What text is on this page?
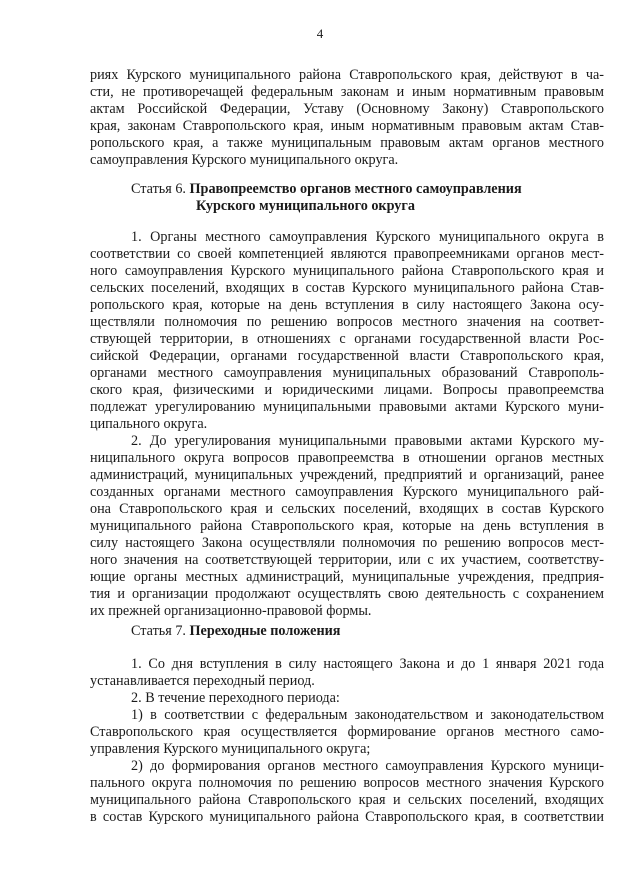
4
риях Курского муниципального района Ставропольского края, действуют в ча-
сти, не противоречащей федеральным законам и иным нормативным правовым
актам Российской Федерации, Уставу (Основному Закону) Ставропольского
края, законам Ставропольского края, иным нормативным правовым актам Став-
ропольского края, а также муниципальным правовым актам органов местного
самоуправления Курского муниципального округа.
Статья 6. Правопреемство органов местного самоуправления
Курского муниципального округа
1. Органы местного самоуправления Курского муниципального округа в
соответствии со своей компетенцией являются правопреемниками органов мест-
ного самоуправления Курского муниципального района Ставропольского края и
сельских поселений, входящих в состав Курского муниципального района Став-
ропольского края, которые на день вступления в силу настоящего Закона осу-
ществляли полномочия по решению вопросов местного значения на соответ-
ствующей территории, в отношениях с органами государственной власти Рос-
сийской Федерации, органами государственной власти Ставропольского края,
органами местного самоуправления муниципальных образований Ставрополь-
ского края, физическими и юридическими лицами. Вопросы правопреемства
подлежат урегулированию муниципальными правовыми актами Курского муни-
ципального округа.
2. До урегулирования муниципальными правовыми актами Курского му-
ниципального округа вопросов правопреемства в отношении органов местных
администраций, муниципальных учреждений, предприятий и организаций, ранее
созданных органами местного самоуправления Курского муниципального рай-
она Ставропольского края и сельских поселений, входящих в состав Курского
муниципального района Ставропольского края, которые на день вступления в
силу настоящего Закона осуществляли полномочия по решению вопросов мест-
ного значения на соответствующей территории, или с их участием, соответству-
ющие органы местных администраций, муниципальные учреждения, предприя-
тия и организации продолжают осуществлять свою деятельность с сохранением
их прежней организационно-правовой формы.
Статья 7. Переходные положения
1. Со дня вступления в силу настоящего Закона и до 1 января 2021 года
устанавливается переходный период.
2. В течение переходного периода:
1) в соответствии с федеральным законодательством и законодательством
Ставропольского края осуществляется формирование органов местного само-
управления Курского муниципального округа;
2) до формирования органов местного самоуправления Курского муници-
пального округа полномочия по решению вопросов местного значения Курского
муниципального района Ставропольского края и сельских поселений, входящих
в состав Курского муниципального района Ставропольского края, в соответствии
